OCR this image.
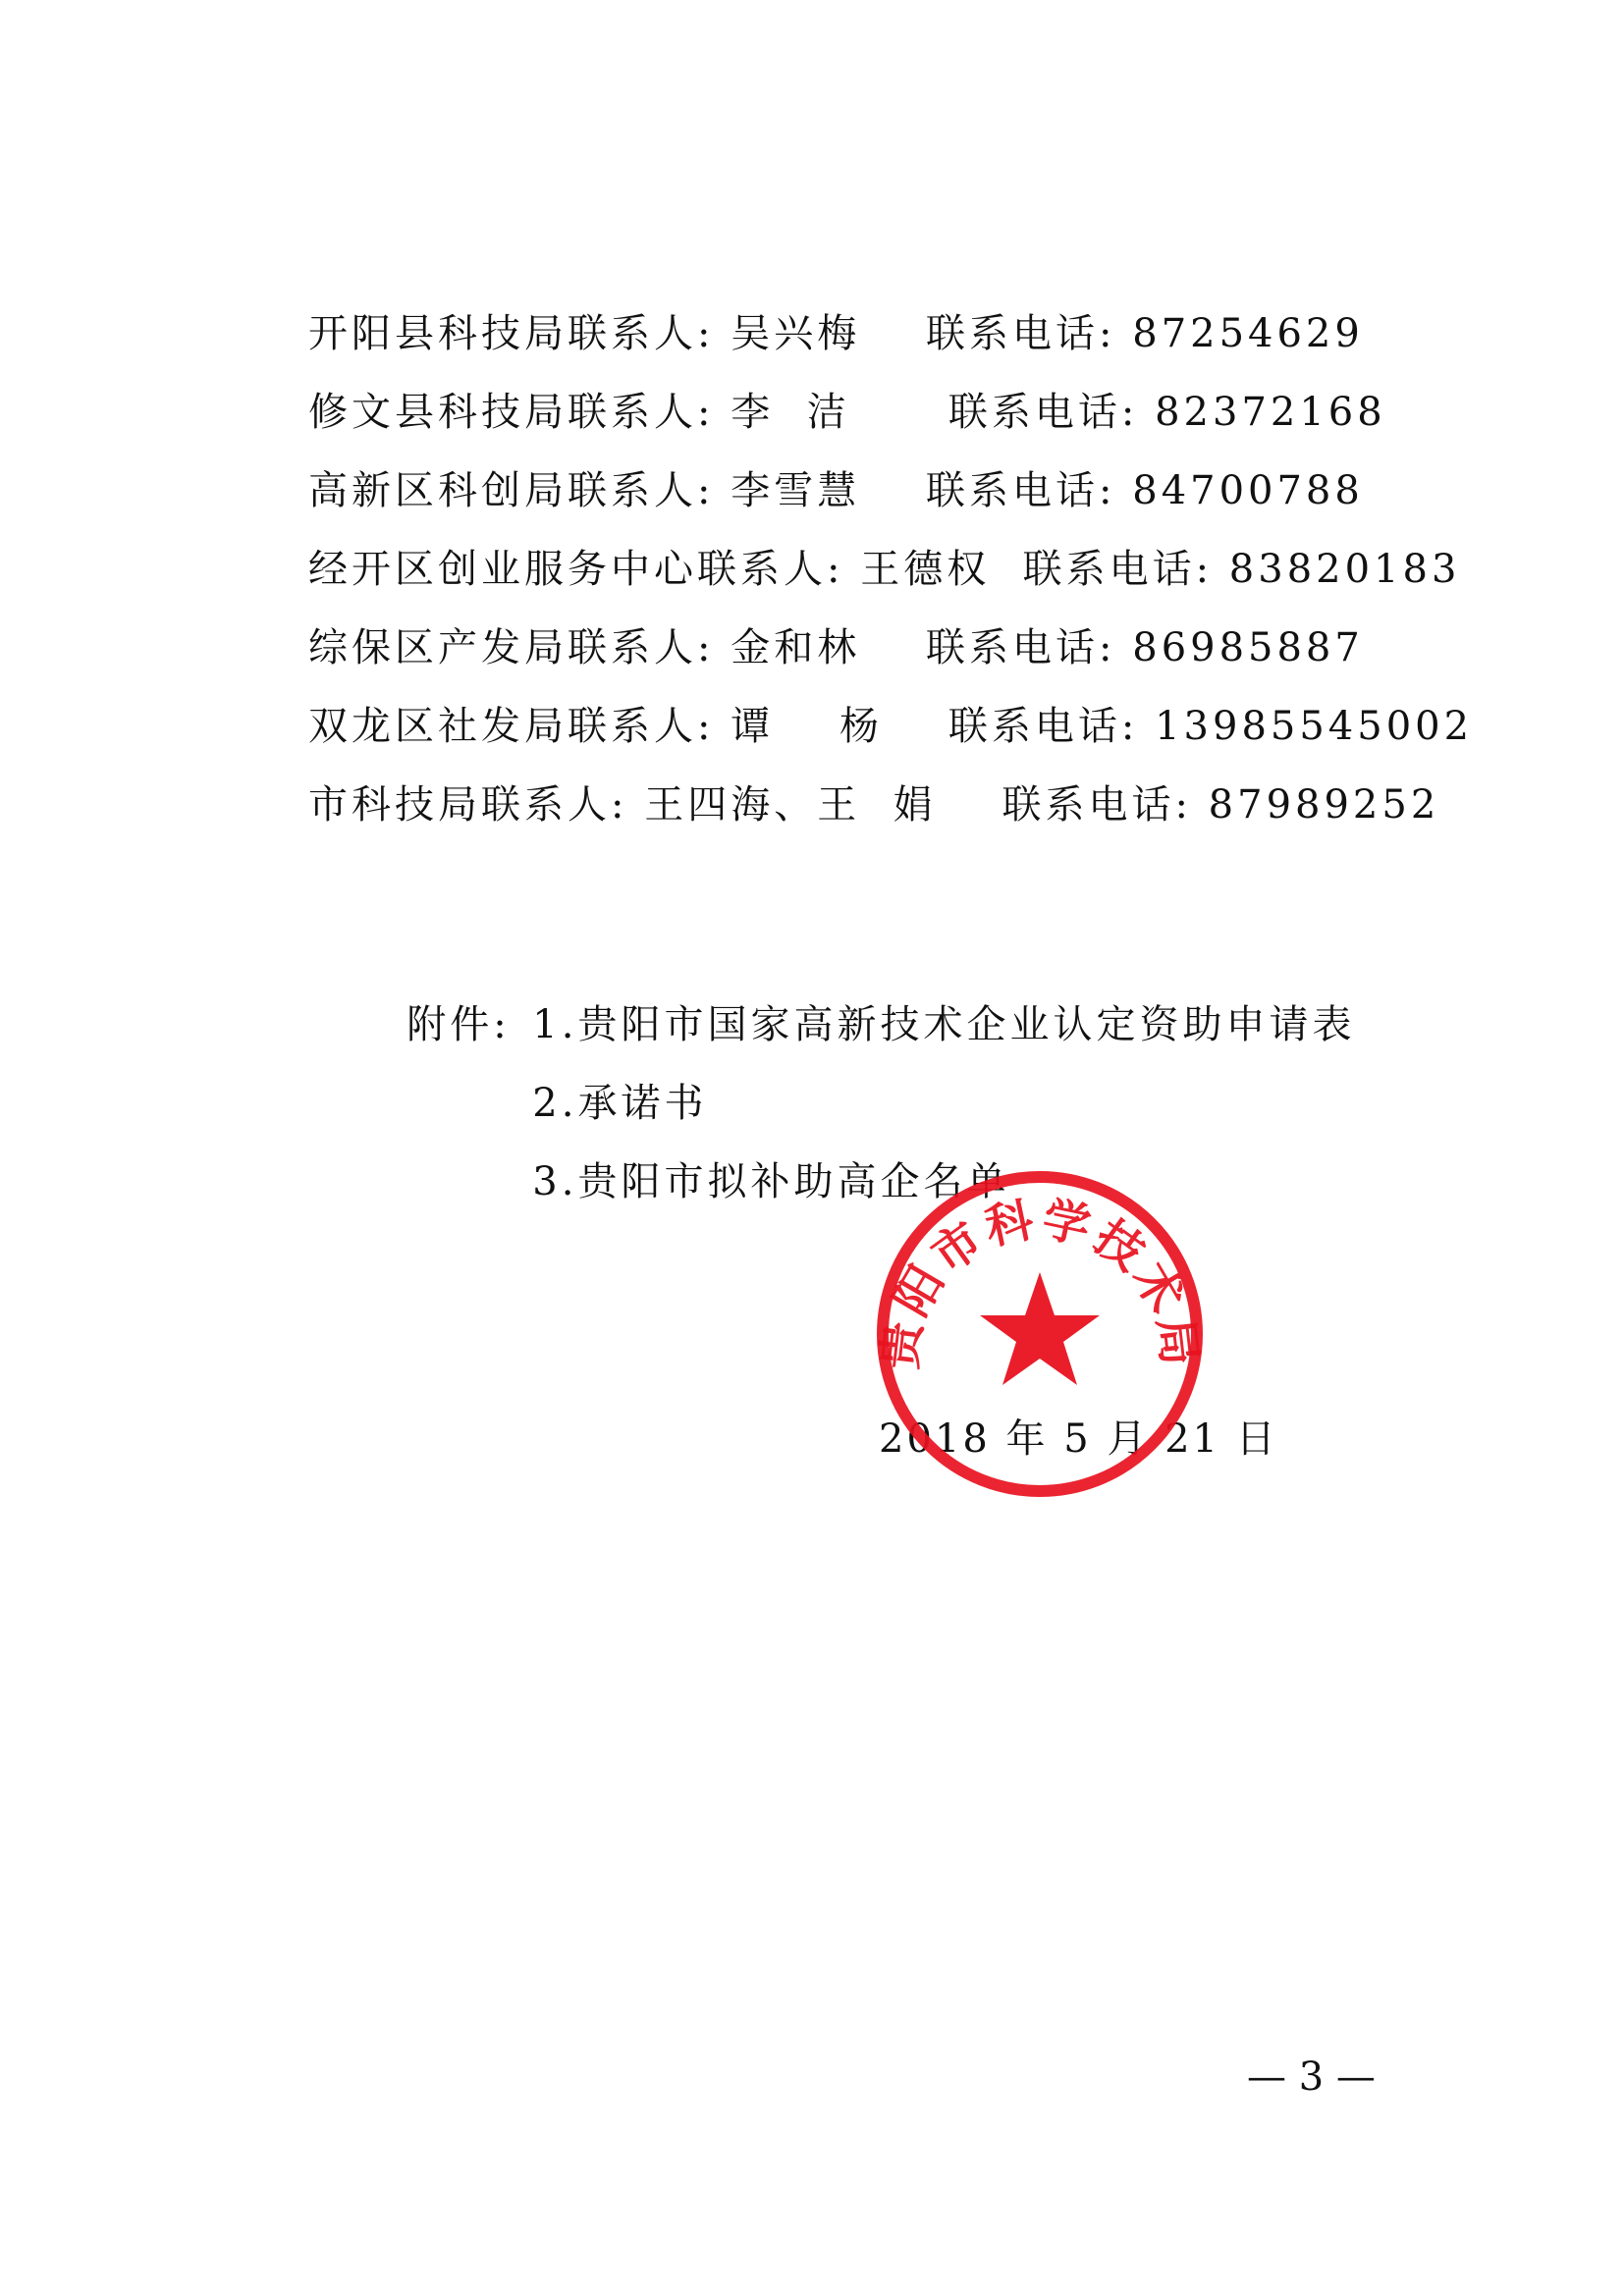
开阳县科技局联系人: 吴兴梅    联系电话: 87254629
修文县科技局联系人: 李  洁      联系电话: 82372168
高新区科创局联系人: 李雪慧    联系电话: 84700788
经开区创业服务中心联系人: 王德权  联系电话: 83820183
综保区产发局联系人: 金和林    联系电话: 86985887
双龙区社发局联系人: 谭    杨    联系电话: 13985545002
市科技局联系人: 王四海、王  娟    联系电话: 87989252

附件: 1.贵阳市国家高新技术企业认定资助申请表

2.承诺书

3.贵阳市拟补助高企名单

2018 年 5 月 21 日
贵阳市科学技术局
— 3 —
